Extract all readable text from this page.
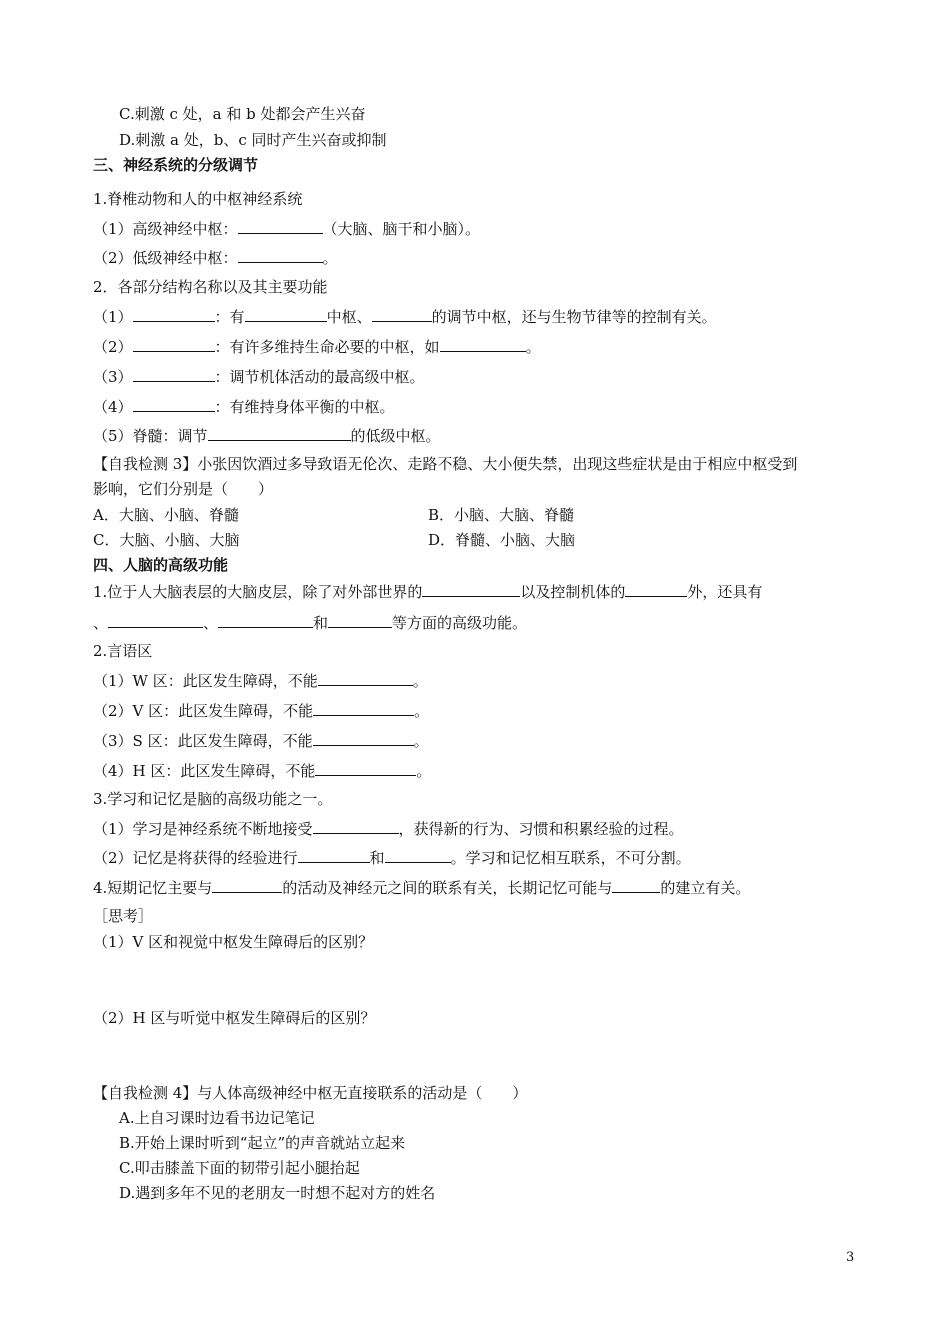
C.刺激 c 处，a 和 b 处都会产生兴奋
D.刺激 a 处，b、c 同时产生兴奋或抑制
三、神经系统的分级调节
1.脊椎动物和人的中枢神经系统
（1）高级神经中枢：	（大脑、脑干和小脑）。
（2）低级神经中枢：	。
2．各部分结构名称以及其主要功能
（1）	：有	中枢、	的调节中枢，还与生物节律等的控制有关。
（2）	：有许多维持生命必要的中枢，如	。
（3）	：调节机体活动的最高级中枢。
（4）	：有维持身体平衡的中枢。
（5）脊髓：调节	的低级中枢。
【自我检测 3】小张因饮酒过多导致语无伦次、走路不稳、大小便失禁，出现这些症状是由于相应中枢受到
影响，它们分别是（　　）
A．大脑、小脑、脊髓	B．小脑、大脑、脊髓
C．大脑、小脑、大脑	D．脊髓、小脑、大脑
四、人脑的高级功能
1.位于人大脑表层的大脑皮层，除了对外部世界的	以及控制机体的	外，还具有
、	、	和	等方面的高级功能。
2.言语区
（1）W 区：此区发生障碍，不能	。
（2）V 区：此区发生障碍，不能	。
（3）S 区：此区发生障碍，不能	。
（4）H 区：此区发生障碍，不能	。
3.学习和记忆是脑的高级功能之一。
（1）学习是神经系统不断地接受	，获得新的行为、习惯和积累经验的过程。
（2）记忆是将获得的经验进行	和	。学习和记忆相互联系，不可分割。
4.短期记忆主要与	的活动及神经元之间的联系有关，长期记忆可能与	的建立有关。
［思考］
（1）V 区和视觉中枢发生障碍后的区别？
（2）H 区与听觉中枢发生障碍后的区别？
【自我检测 4】与人体高级神经中枢无直接联系的活动是（　　）
A.上自习课时边看书边记笔记
B.开始上课时听到“起立”的声音就站立起来
C.叩击膝盖下面的韧带引起小腿抬起
D.遇到多年不见的老朋友一时想不起对方的姓名
3
